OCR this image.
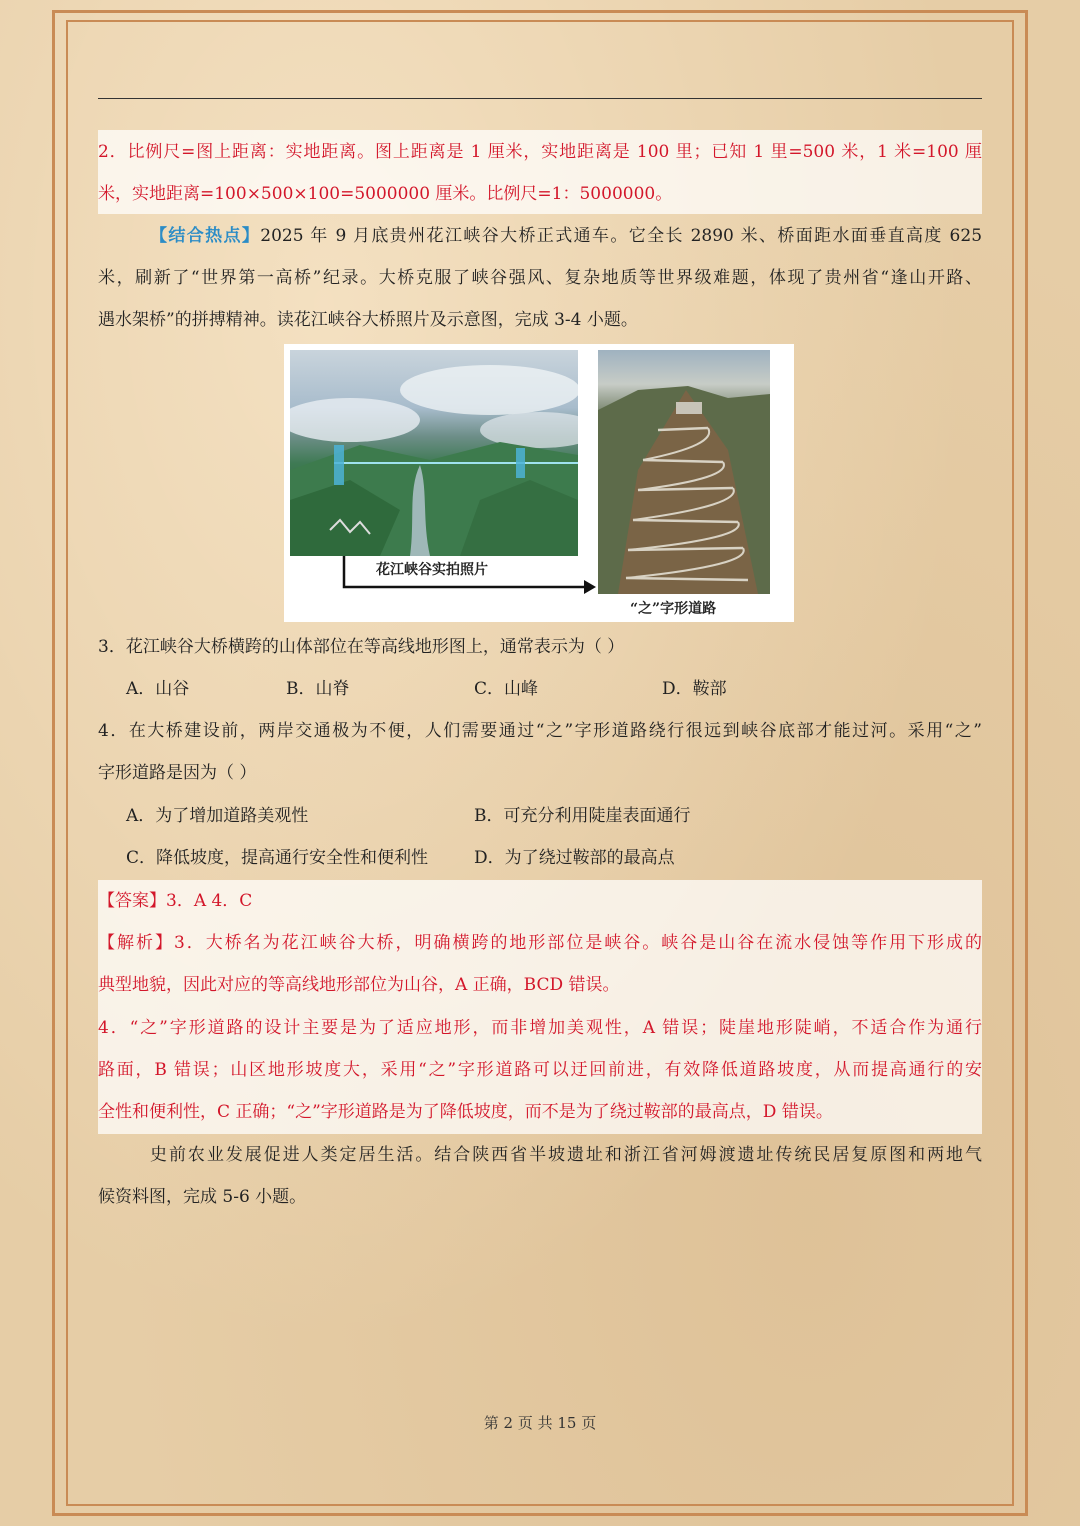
2．比例尺=图上距离：实地距离。图上距离是 1 厘米，实地距离是 100 里；已知 1 里=500 米，1 米=100 厘
米，实地距离=100×500×100=5000000 厘米。比例尺=1：5000000。
【结合热点】2025 年 9 月底贵州花江峡谷大桥正式通车。它全长 2890 米、桥面距水面垂直高度 625
米，刷新了“世界第一高桥”纪录。大桥克服了峡谷强风、复杂地质等世界级难题，体现了贵州省“逢山开路、
遇水架桥”的拼搏精神。读花江峡谷大桥照片及示意图，完成 3-4 小题。
花江峡谷实拍照片
“之”字形道路
3．花江峡谷大桥横跨的山体部位在等高线地形图上，通常表示为（ ）
A．山谷	B．山脊	C．山峰	D．鞍部
4．在大桥建设前，两岸交通极为不便，人们需要通过“之”字形道路绕行很远到峡谷底部才能过河。采用“之”
字形道路是因为（ ）
A．为了增加道路美观性	B．可充分利用陡崖表面通行
C．降低坡度，提高通行安全性和便利性	D．为了绕过鞍部的最高点
【答案】3．A 4．C
【解析】3．大桥名为花江峡谷大桥，明确横跨的地形部位是峡谷。峡谷是山谷在流水侵蚀等作用下形成的
典型地貌，因此对应的等高线地形部位为山谷，A 正确，BCD 错误。
4．“之”字形道路的设计主要是为了适应地形，而非增加美观性，A 错误；陡崖地形陡峭，不适合作为通行
路面，B 错误；山区地形坡度大，采用“之”字形道路可以迂回前进，有效降低道路坡度，从而提高通行的安
全性和便利性，C 正确；“之”字形道路是为了降低坡度，而不是为了绕过鞍部的最高点，D 错误。
史前农业发展促进人类定居生活。结合陕西省半坡遗址和浙江省河姆渡遗址传统民居复原图和两地气
候资料图，完成 5-6 小题。
第 2 页 共 15 页
